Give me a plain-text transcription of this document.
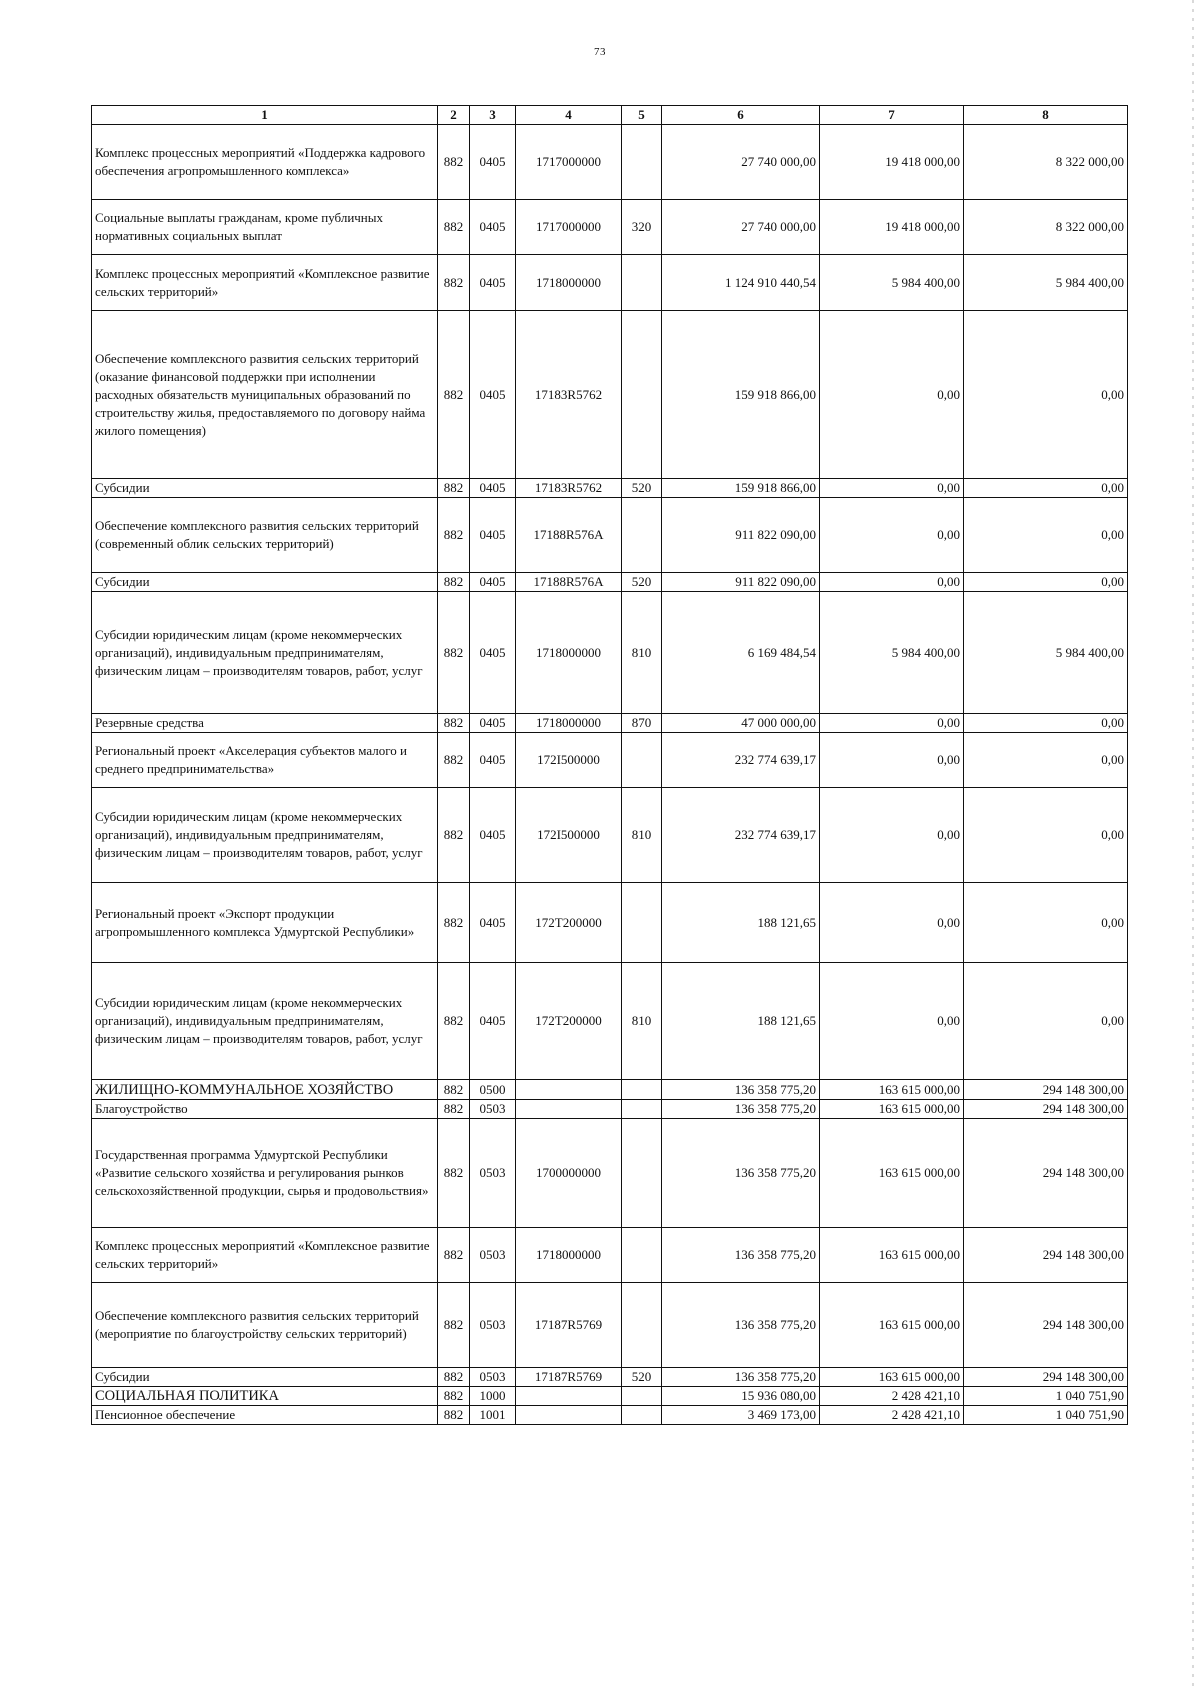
73
1	2	3	4	5	6	7	8
Комплекс процессных мероприятий «Поддержка кадрового обеспечения агропромышленного комплекса»	882	0405	1717000000		27 740 000,00	19 418 000,00	8 322 000,00
Социальные выплаты гражданам, кроме публичных нормативных социальных выплат	882	0405	1717000000	320	27 740 000,00	19 418 000,00	8 322 000,00
Комплекс процессных мероприятий «Комплексное развитие сельских территорий»	882	0405	1718000000		1 124 910 440,54	5 984 400,00	5 984 400,00
Обеспечение комплексного развития сельских территорий (оказание финансовой поддержки при исполнении расходных обязательств муниципальных образований по строительству жилья, предоставляемого по договору найма жилого помещения)	882	0405	17183R5762		159 918 866,00	0,00	0,00
Субсидии	882	0405	17183R5762	520	159 918 866,00	0,00	0,00
Обеспечение комплексного развития сельских территорий (современный облик сельских территорий)	882	0405	17188R576A		911 822 090,00	0,00	0,00
Субсидии	882	0405	17188R576A	520	911 822 090,00	0,00	0,00
Субсидии юридическим лицам (кроме некоммерческих организаций), индивидуальным предпринимателям, физическим лицам – производителям товаров, работ, услуг	882	0405	1718000000	810	6 169 484,54	5 984 400,00	5 984 400,00
Резервные средства	882	0405	1718000000	870	47 000 000,00	0,00	0,00
Региональный проект «Акселерация субъектов малого и среднего предпринимательства»	882	0405	172I500000		232 774 639,17	0,00	0,00
Субсидии юридическим лицам (кроме некоммерческих организаций), индивидуальным предпринимателям, физическим лицам – производителям товаров, работ, услуг	882	0405	172I500000	810	232 774 639,17	0,00	0,00
Региональный проект «Экспорт продукции агропромышленного комплекса Удмуртской Республики»	882	0405	172T200000		188 121,65	0,00	0,00
Субсидии юридическим лицам (кроме некоммерческих организаций), индивидуальным предпринимателям, физическим лицам – производителям товаров, работ, услуг	882	0405	172T200000	810	188 121,65	0,00	0,00
ЖИЛИЩНО-КОММУНАЛЬНОЕ ХОЗЯЙСТВО	882	0500			136 358 775,20	163 615 000,00	294 148 300,00
Благоустройство	882	0503			136 358 775,20	163 615 000,00	294 148 300,00
Государственная программа Удмуртской Республики «Развитие сельского хозяйства и регулирования рынков сельскохозяйственной продукции, сырья и продовольствия»	882	0503	1700000000		136 358 775,20	163 615 000,00	294 148 300,00
Комплекс процессных мероприятий «Комплексное развитие сельских территорий»	882	0503	1718000000		136 358 775,20	163 615 000,00	294 148 300,00
Обеспечение комплексного развития сельских территорий (мероприятие по благоустройству сельских территорий)	882	0503	17187R5769		136 358 775,20	163 615 000,00	294 148 300,00
Субсидии	882	0503	17187R5769	520	136 358 775,20	163 615 000,00	294 148 300,00
СОЦИАЛЬНАЯ ПОЛИТИКА	882	1000			15 936 080,00	2 428 421,10	1 040 751,90
Пенсионное обеспечение	882	1001			3 469 173,00	2 428 421,10	1 040 751,90
